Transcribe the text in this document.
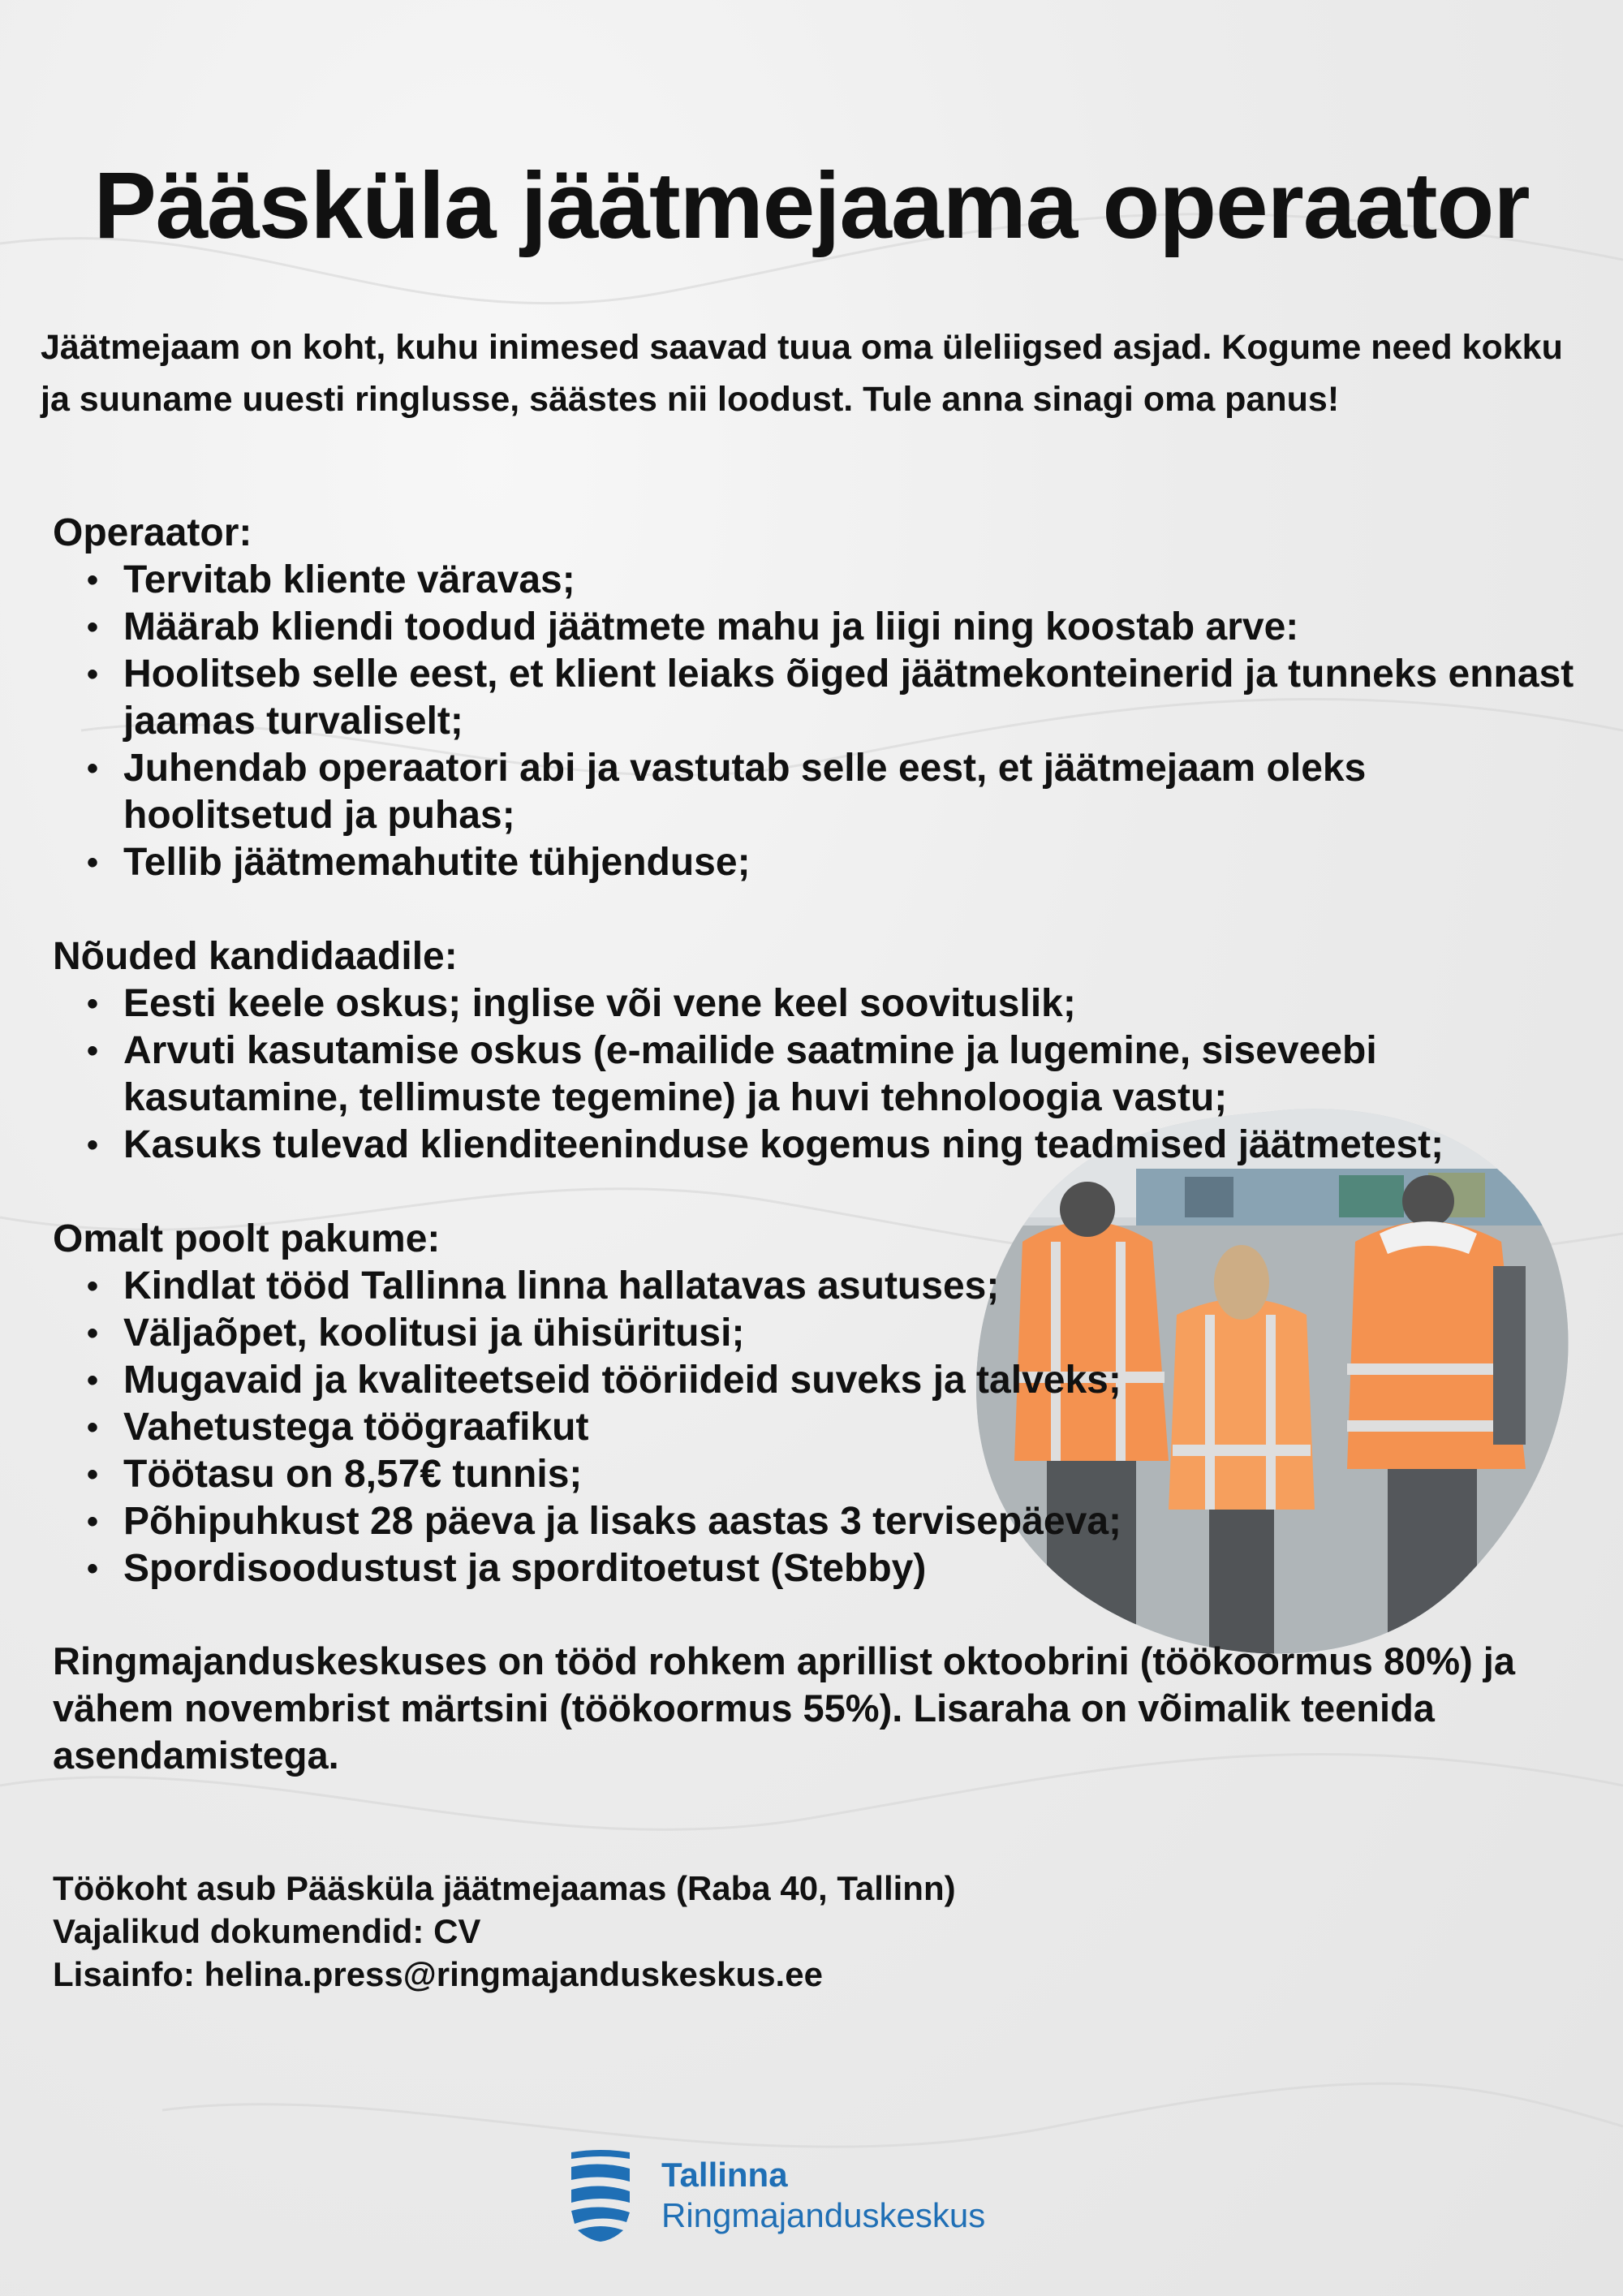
Pääsküla jäätmejaama operaator

Jäätmejaam on koht, kuhu inimesed saavad tuua oma üleliigsed asjad. Kogume need kokku ja suuname uuesti ringlusse, säästes nii loodust. Tule anna sinagi oma panus!

Operaator:
• Tervitab kliente väravas;
• Määrab kliendi toodud jäätmete mahu ja liigi ning koostab arve:
• Hoolitseb selle eest, et klient leiaks õiged jäätmekonteinerid ja tunneks ennast jaamas turvaliselt;
• Juhendab operaatori abi ja vastutab selle eest, et jäätmejaam oleks hoolitsetud ja puhas;
• Tellib jäätmemahutite tühjenduse;
Nõuded kandidaadile:
• Eesti keele oskus; inglise või vene keel soovituslik;
• Arvuti kasutamise oskus (e-mailide saatmine ja lugemine, siseveebi kasutamine, tellimuste tegemine) ja huvi tehnoloogia vastu;
• Kasuks tulevad klienditeeninduse kogemus ning teadmised jäätmetest;
Omalt poolt pakume:
• Kindlat tööd Tallinna linna hallatavas asutuses;
• Väljaõpet, koolitusi ja ühisüritusi;
• Mugavaid ja kvaliteetseid tööriideid suveks ja talveks;
• Vahetustega töögraafikut
• Töötasu on 8,57€ tunnis;
• Põhipuhkust 28 päeva ja lisaks aastas 3 tervisepäeva;
• Spordisoodustust ja sporditoetust (Stebby)

Ringmajanduskeskuses on tööd rohkem aprillist oktoobrini (töökoormus 80%) ja vähem novembrist märtsini (töökoormus 55%). Lisaraha on võimalik teenida asendamistega.

Töökoht asub Pääsküla jäätmejaamas (Raba 40, Tallinn)
Vajalikud dokumendid: CV
Lisainfo: helina.press@ringmajanduskeskus.ee
Tallinna
Ringmajanduskeskus
